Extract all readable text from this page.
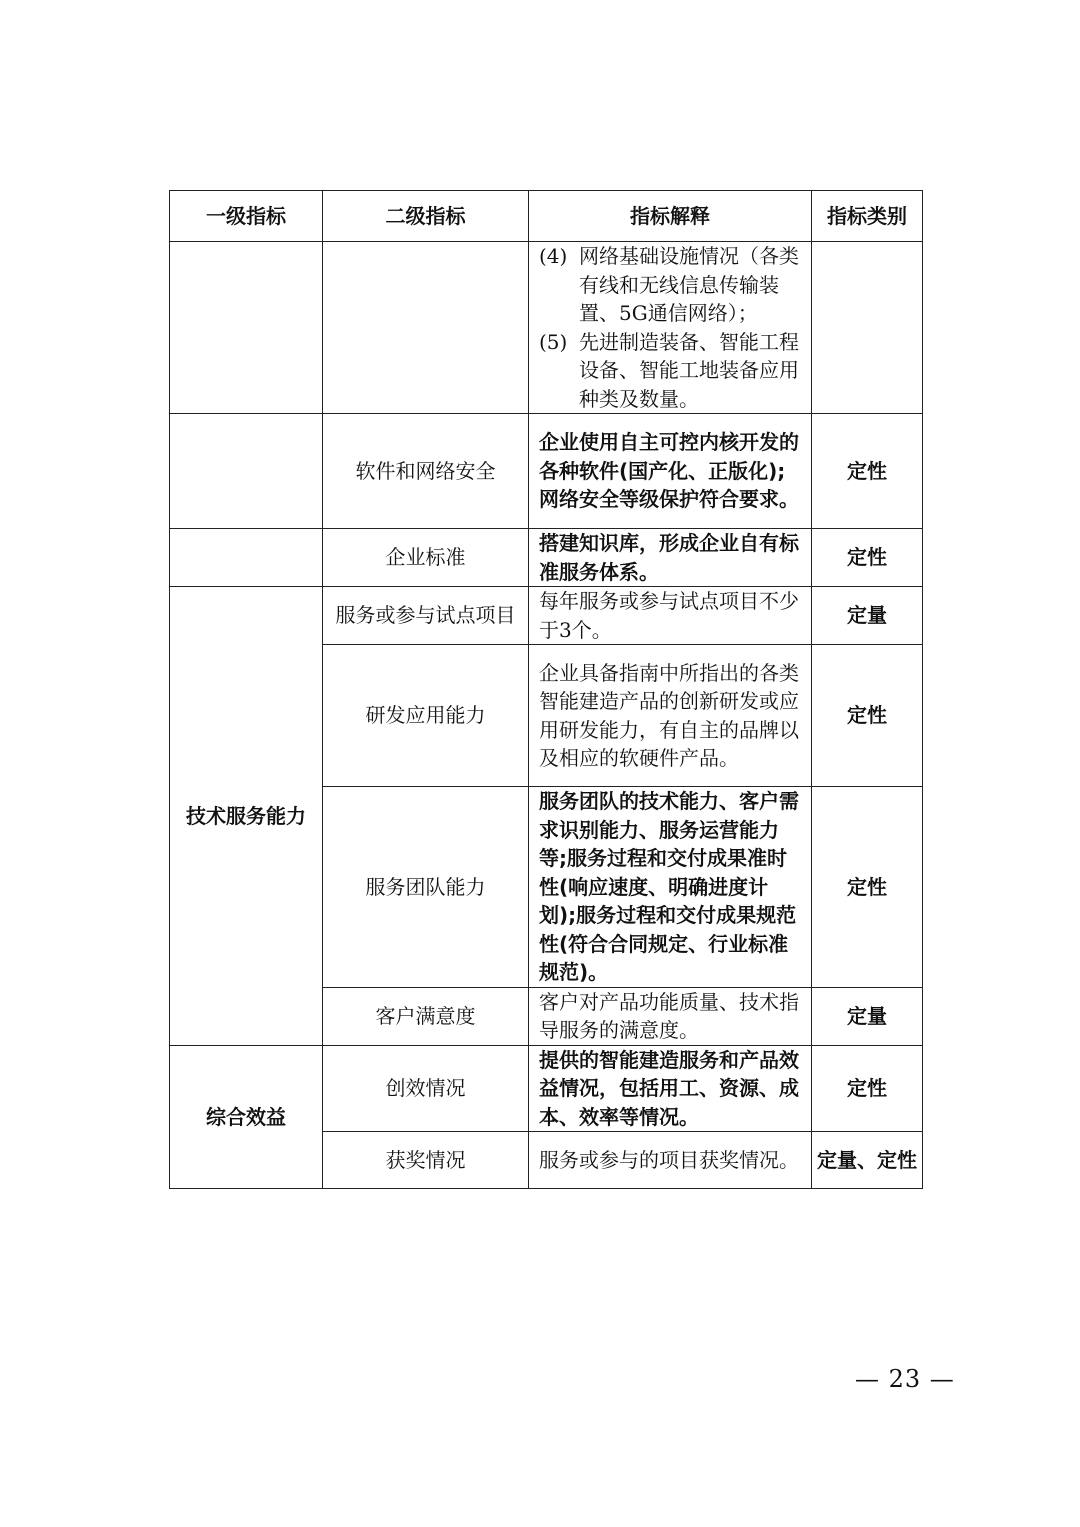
一级指标	二级指标	指标解释	指标类别

		(4) 网络基础设施情况（各类有线和无线信息传输装置、5G通信网络）；
(5) 先进制造装备、智能工程设备、智能工地装备应用种类及数量。	

	软件和网络安全	企业使用自主可控内核开发的各种软件(国产化、正版化);网络安全等级保护符合要求。	定性
	企业标准	搭建知识库，形成企业自有标准服务体系。	定性
技术服务能力	服务或参与试点项目	每年服务或参与试点项目不少于3个。	定量
	研发应用能力	企业具备指南中所指出的各类智能建造产品的创新研发或应用研发能力，有自主的品牌以及相应的软硬件产品。	定性
	服务团队能力	服务团队的技术能力、客户需求识别能力、服务运营能力等;服务过程和交付成果准时性(响应速度、明确进度计划);服务过程和交付成果规范性(符合合同规定、行业标准规范)。	定性
	客户满意度	客户对产品功能质量、技术指导服务的满意度。	定量
综合效益	创效情况	提供的智能建造服务和产品效益情况，包括用工、资源、成本、效率等情况。	定性
	获奖情况	服务或参与的项目获奖情况。	定量、定性
— 23 —
